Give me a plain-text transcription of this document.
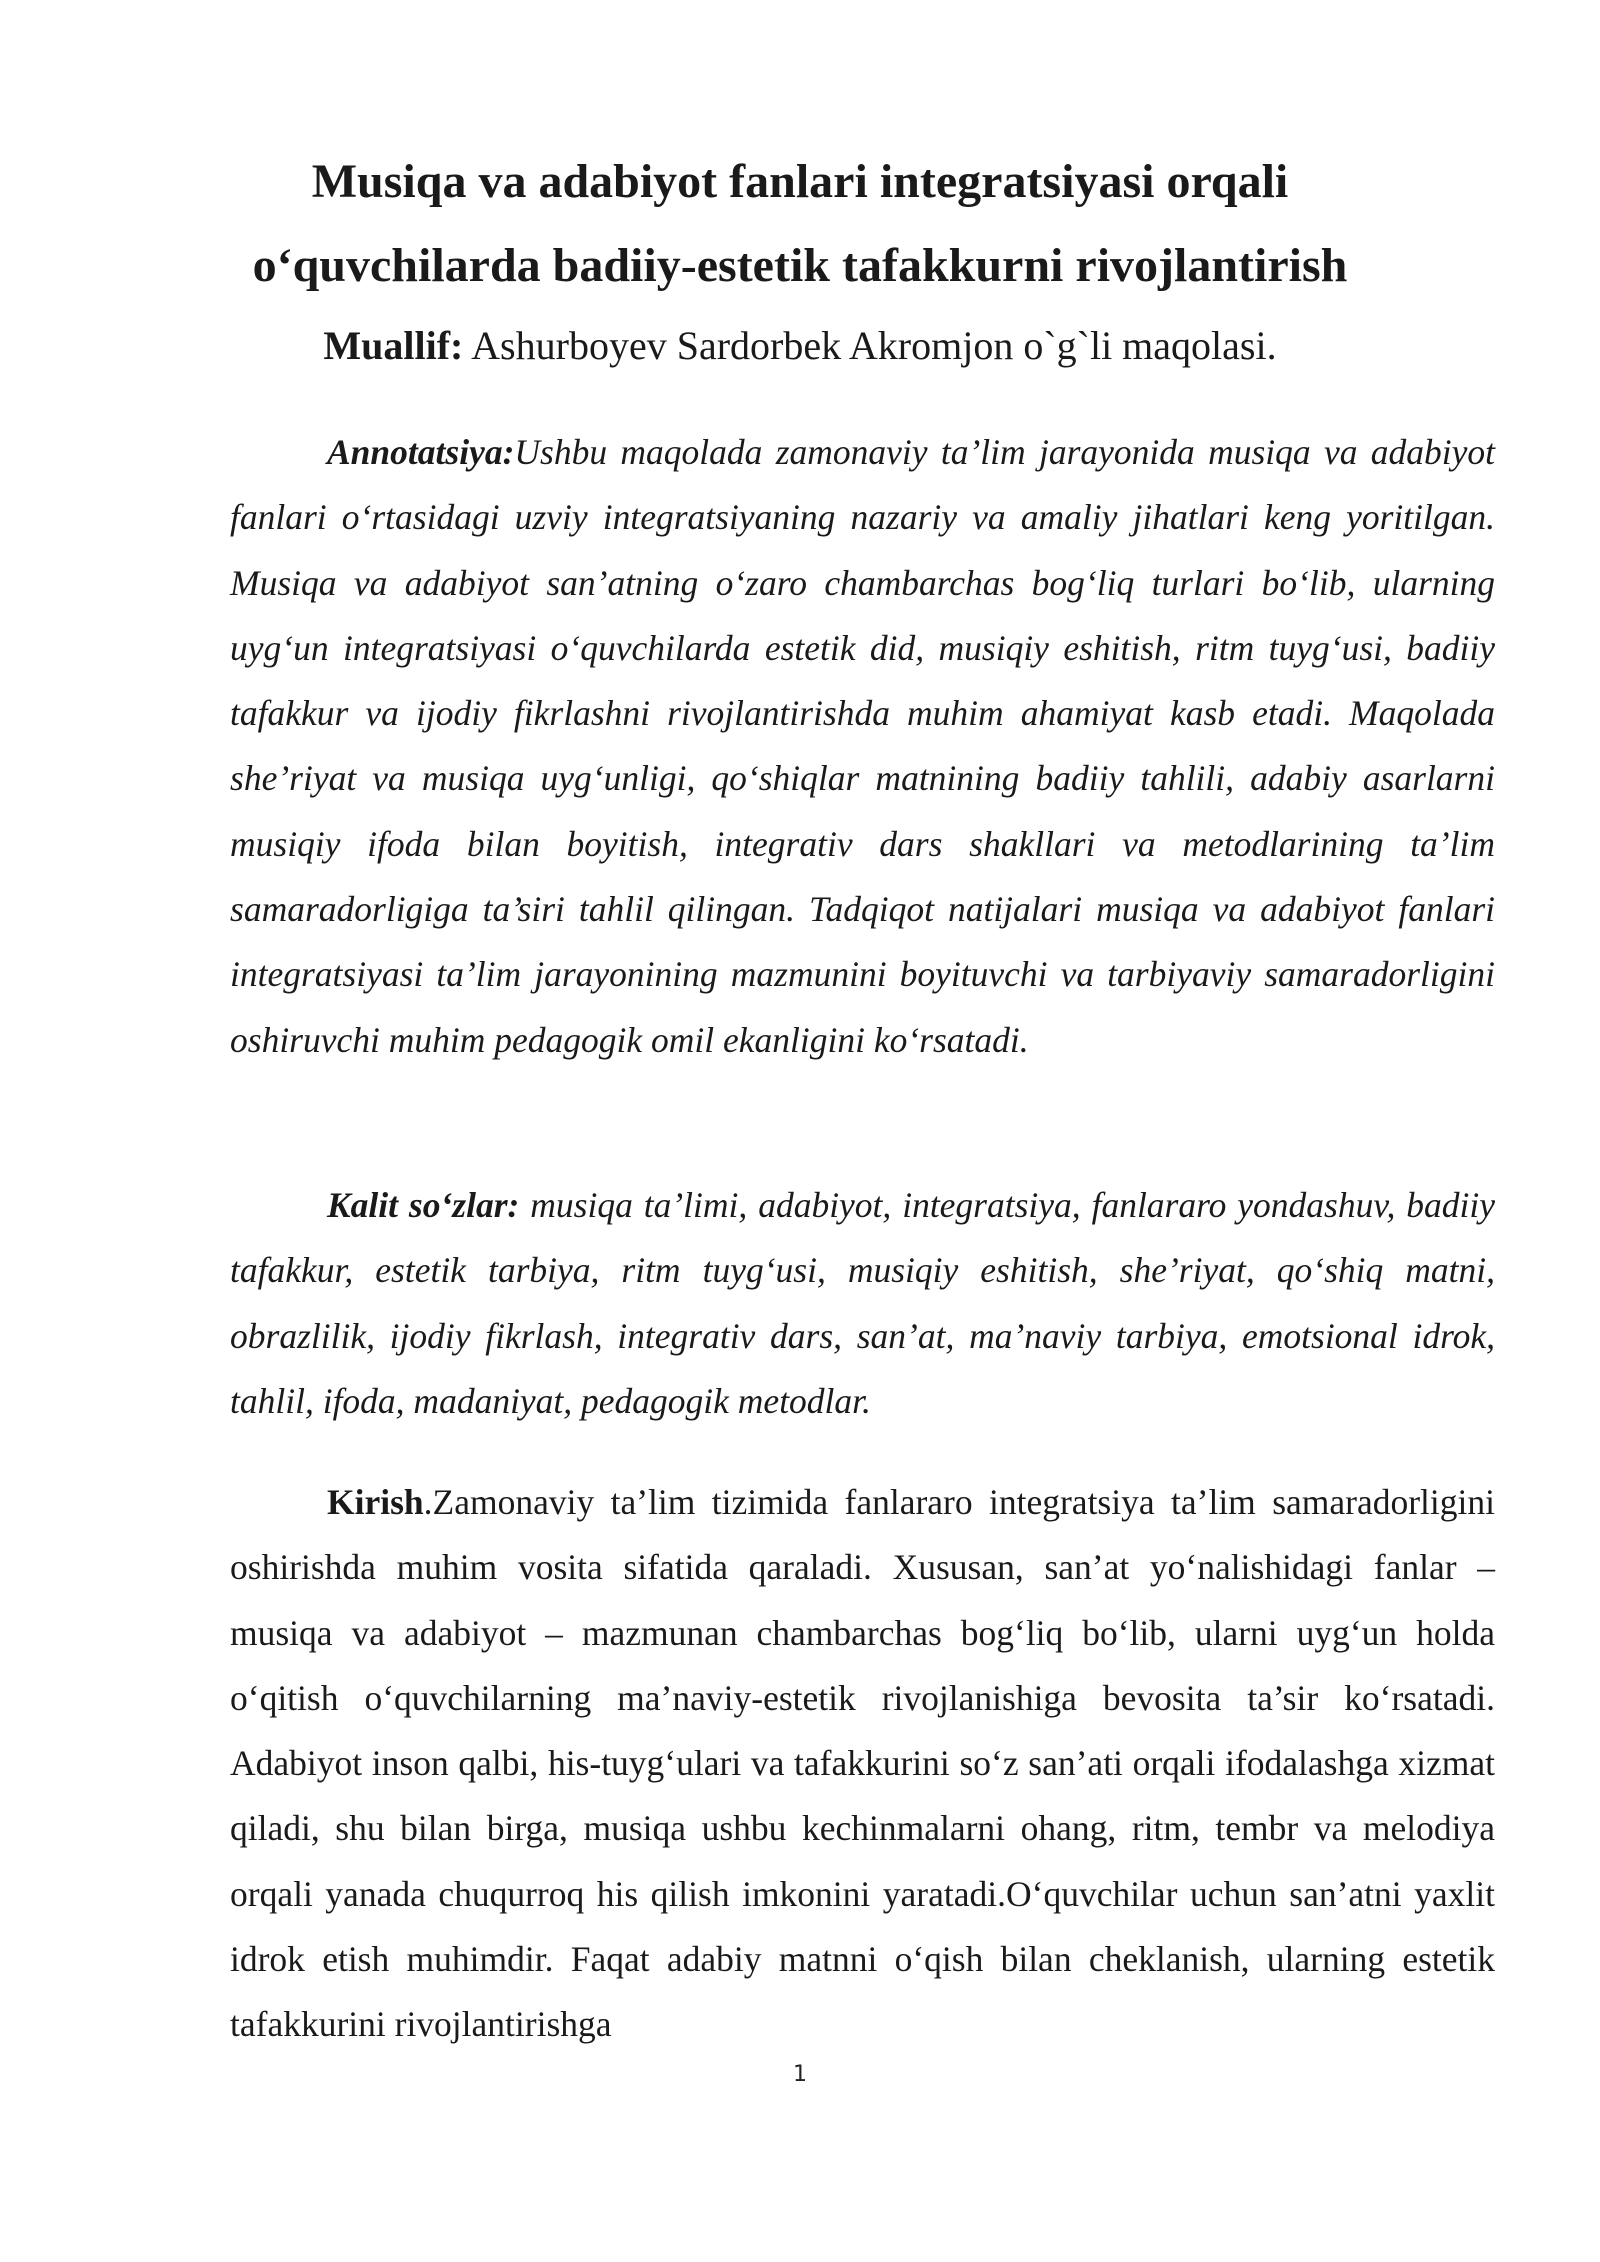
Musiqa va adabiyot fanlari integratsiyasi orqali
o‘quvchilarda badiiy-estetik tafakkurni rivojlantirish

Muallif: Ashurboyev Sardorbek Akromjon o`g`li maqolasi.

Annotatsiya:Ushbu maqolada zamonaviy ta’lim jarayonida musiqa va adabiyot fanlari o‘rtasidagi uzviy integratsiyaning nazariy va amaliy jihatlari keng yoritilgan. Musiqa va adabiyot san’atning o‘zaro chambarchas bog‘liq turlari bo‘lib, ularning uyg‘un integratsiyasi o‘quvchilarda estetik did, musiqiy eshitish, ritm tuyg‘usi, badiiy tafakkur va ijodiy fikrlashni rivojlantirishda muhim ahamiyat kasb etadi. Maqolada she’riyat va musiqa uyg‘unligi, qo‘shiqlar matnining badiiy tahlili, adabiy asarlarni musiqiy ifoda bilan boyitish, integrativ dars shakllari va metodlarining ta’lim samaradorligiga ta’siri tahlil qilingan. Tadqiqot natijalari musiqa va adabiyot fanlari integratsiyasi ta’lim jarayonining mazmunini boyituvchi va tarbiyaviy samaradorligini oshiruvchi muhim pedagogik omil ekanligini ko‘rsatadi.

Kalit so‘zlar: musiqa ta’limi, adabiyot, integratsiya, fanlararo yondashuv, badiiy tafakkur, estetik tarbiya, ritm tuyg‘usi, musiqiy eshitish, she’riyat, qo‘shiq matni, obrazlilik, ijodiy fikrlash, integrativ dars, san’at, ma’naviy tarbiya, emotsional idrok, tahlil, ifoda, madaniyat, pedagogik metodlar.

Kirish.Zamonaviy ta’lim tizimida fanlararo integratsiya ta’lim samaradorligini oshirishda muhim vosita sifatida qaraladi. Xususan, san’at yo‘nalishidagi fanlar – musiqa va adabiyot – mazmunan chambarchas bog‘liq bo‘lib, ularni uyg‘un holda o‘qitish o‘quvchilarning ma’naviy-estetik rivojlanishiga bevosita ta’sir ko‘rsatadi. Adabiyot inson qalbi, his-tuyg‘ulari va tafakkurini so‘z san’ati orqali ifodalashga xizmat qiladi, shu bilan birga, musiqa ushbu kechinmalarni ohang, ritm, tembr va melodiya orqali yanada chuqurroq his qilish imkonini yaratadi.O‘quvchilar uchun san’atni yaxlit idrok etish muhimdir. Faqat adabiy matnni o‘qish bilan cheklanish, ularning estetik tafakkurini rivojlantirishga

1
